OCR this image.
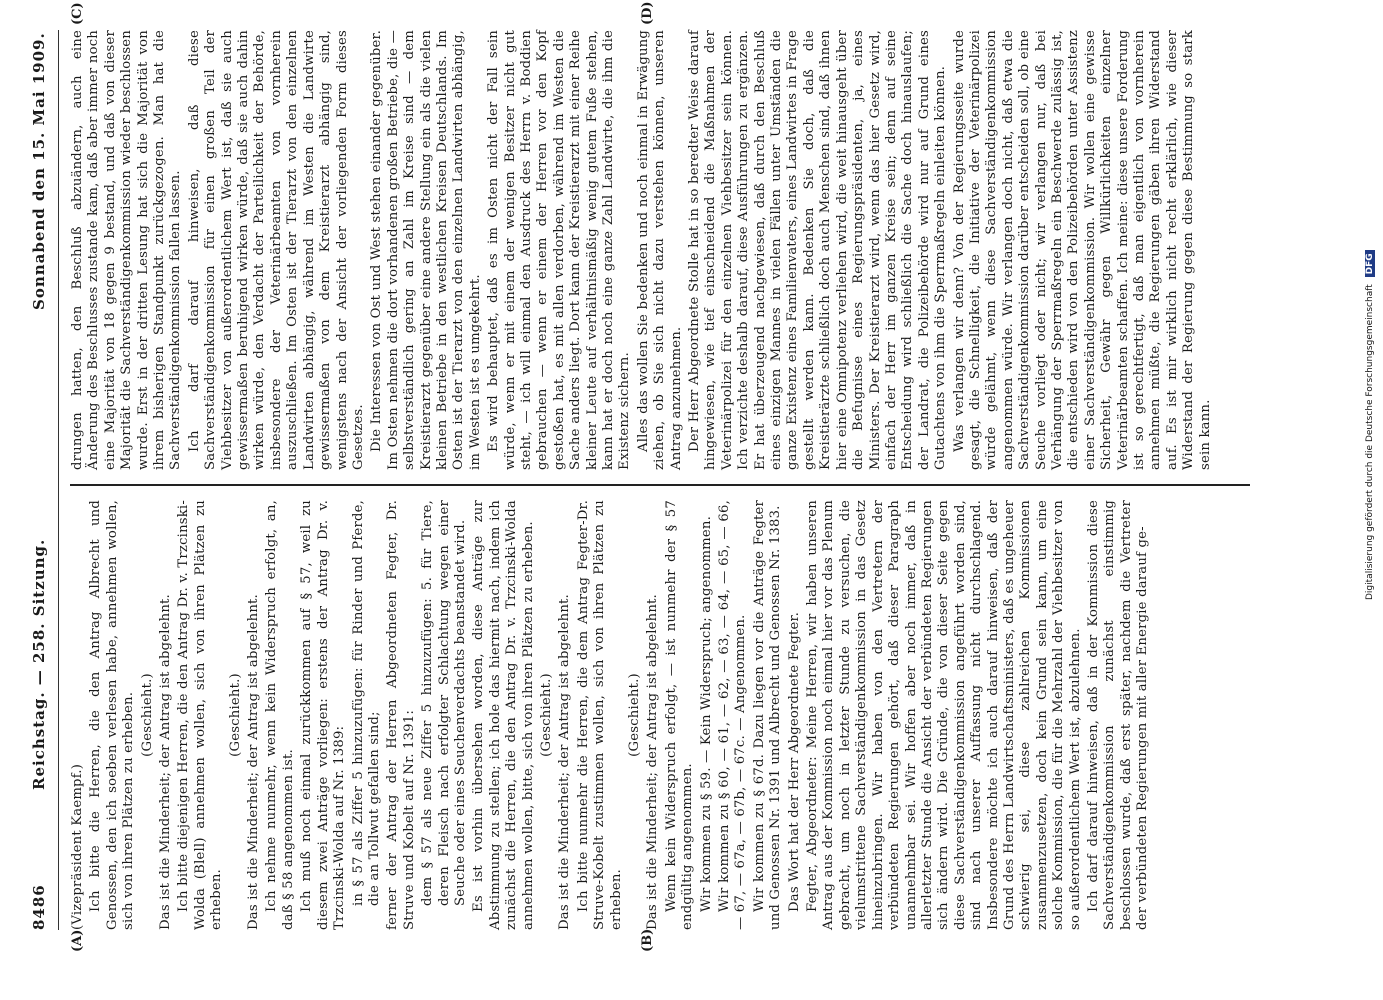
8486
Reichstag. — 258. Sitzung.
Sonnabend den 15. Mai 1909.
(A)	(B)
(C)	(D)

(Vizepräsident Kaempf.) Ich bitte die Herren, die den Antrag Albrecht und Genossen, den ich soeben verlesen habe, annehmen wollen, sich von ihren Plätzen zu erheben. (Geschieht.) Das ist die Minderheit; der Antrag ist abgelehnt. Ich bitte diejenigen Herren, die den Antrag Dr. v. Trzcinski-Wolda (Blell) annehmen wollen, sich von ihren Plätzen zu erheben.

(Geschieht.) Das ist die Minderheit; der Antrag ist abgelehnt. Ich nehme nunmehr, wenn kein Widerspruch erfolgt, an, daß § 58 angenommen ist. Ich muß noch einmal zurückkommen auf § 57, weil zu diesem zwei Anträge vorliegen: erstens der Antrag Dr. v. Trzcinski-Wolda auf Nr. 1389: in § 57 als Ziffer 5 hinzuzufügen: für Rinder und Pferde, die an Tollwut gefallen sind; ferner der Antrag der Herren Abgeordneten Fegter, Dr. Struve und Kobelt auf Nr. 1391: dem § 57 als neue Ziffer 5 hinzuzufügen: 5. für Tiere, deren Fleisch nach erfolgter Schlachtung wegen einer Seuche oder eines Seuchenverdachts beanstandet wird. Es ist vorhin übersehen worden, diese Anträge zur Abstimmung zu stellen; ich hole das hiermit nach, indem ich zunächst die Herren, die den Antrag Dr. v. Trzcinski-Wolda annehmen wollen, bitte, sich von ihren Plätzen zu erheben. (Geschieht.) Das ist die Minderheit; der Antrag ist abgelehnt. Ich bitte nunmehr die Herren, die dem Antrag Fegter-Dr. Struve-Kobelt zustimmen wollen, sich von ihren Plätzen zu erheben.

(Geschieht.) Das ist die Minderheit; der Antrag ist abgelehnt. Wenn kein Widerspruch erfolgt, — ist nunmehr der § 57 endgültig angenommen. Wir kommen zu § 59. — Kein Widerspruch; angenommen. Wir kommen zu § 60, — 61, — 62, — 63, — 64, — 65, — 66, — 67, — 67a, — 67b, — 67c. — Angenommen. Wir kommen zu § 67d. Dazu liegen vor die Anträge Fegter und Genossen Nr. 1391 und Albrecht und Genossen Nr. 1383. Das Wort hat der Herr Abgeordnete Fegter. Fegter, Abgeordneter: Meine Herren, wir haben unseren Antrag aus der Kommission noch einmal hier vor das Plenum gebracht, um noch in letzter Stunde zu versuchen, die vielumstrittene Sachverständigenkommission in das Gesetz hineinzubringen. Wir haben von den Vertretern der verbündeten Regierungen gehört, daß dieser Paragraph unannehmbar sei. Wir hoffen aber noch immer, daß in allerletzter Stunde die Ansicht der verbündeten Regierungen sich ändern wird. Die Gründe, die von dieser Seite gegen diese Sachverständigenkommission angeführt worden sind, sind nach unserer Auffassung nicht durchschlagend. Insbesondere möchte ich auch darauf hinweisen, daß der Grund des Herrn Landwirtschaftsministers, daß es ungeheuer schwierig sei, diese zahlreichen Kommissionen zusammenzusetzen, doch kein Grund sein kann, um eine solche Kommission, die für die Mehrzahl der Viehbesitzer von so außerordentlichem Wert ist, abzulehnen. Ich darf darauf hinweisen, daß in der Kommission diese Sachverständigenkommission zunächst einstimmig beschlossen wurde, daß erst später, nachdem die Vertreter der verbündeten Regierungen mit aller Energie darauf ge-

drungen hatten, den Beschluß abzuändern, auch eine Änderung des Beschlusses zustande kam, daß aber immer noch eine Majorität von 18 gegen 9 bestand, und daß von dieser Majorität die Sachverständigenkommission wieder beschlossen wurde. Erst in der dritten Lesung hat sich die Majorität von ihrem bisherigen Standpunkt zurückgezogen. Man hat die Sachverständigenkommission fallen lassen. Ich darf darauf hinweisen, daß diese Sachverständigenkommission für einen großen Teil der Viehbesitzer von außerordentlichem Wert ist, daß sie auch gewissermaßen beruhigend wirken würde, daß sie auch dahin wirken würde, den Verdacht der Parteilichkeit der Behörde, insbesondere der Veterinärbeamten von vornherein auszuschließen. Im Osten ist der Tierarzt von den einzelnen Landwirten abhängig, während im Westen die Landwirte gewissermaßen von dem Kreistierarzt abhängig sind, wenigstens nach der Ansicht der vorliegenden Form dieses Gesetzes. Die Interessen von Ost und West stehen einander gegenüber. Im Osten nehmen die dort vorhandenen großen Betriebe, die — selbstverständlich gering an Zahl im Kreise sind — dem Kreistierarzt gegenüber eine andere Stellung ein als die vielen kleinen Betriebe in den westlichen Kreisen Deutschlands. Im Osten ist der Tierarzt von den einzelnen Landwirten abhängig, im Westen ist es umgekehrt. Es wird behauptet, daß es im Osten nicht der Fall sein würde, wenn er mit einem der wenigen Besitzer nicht gut steht, — ich will einmal den Ausdruck des Herrn v. Boddien gebrauchen — wenn er einem der Herren vor den Kopf gestoßen hat, es mit allen verdorben, während im Westen die Sache anders liegt. Dort kann der Kreistierarzt mit einer Reihe kleiner Leute auf verhältnismäßig wenig gutem Fuße stehen, kann hat er doch noch eine ganze Zahl Landwirte, die ihm die Existenz sichern. Alles das wollen Sie bedenken und noch einmal in Erwägung ziehen, ob Sie sich nicht dazu verstehen können, unseren Antrag anzunehmen. Der Herr Abgeordnete Stolle hat in so beredter Weise darauf hingewiesen, wie tief einschneidend die Maßnahmen der Veterinärpolizei für den einzelnen Viehbesitzer sein können. Ich verzichte deshalb darauf, diese Ausführungen zu ergänzen. Er hat überzeugend nachgewiesen, daß durch den Beschluß eines einzigen Mannes in vielen Fällen unter Umständen die ganze Existenz eines Familienvaters, eines Landwirtes in Frage gestellt werden kann. Bedenken Sie doch, daß die Kreistierärzte schließlich doch auch Menschen sind, daß ihnen hier eine Omnipotenz verliehen wird, die weit hinausgeht über die Befugnisse eines Regierungspräsidenten, ja, eines Ministers. Der Kreistierarzt wird, wenn das hier Gesetz wird, einfach der Herr im ganzen Kreise sein; denn auf seine Entscheidung wird schließlich die Sache doch hinauslaufen; der Landrat, die Polizeibehörde wird nur auf Grund eines Gutachtens von ihm die Sperrmaßregeln einleiten können. Was verlangen wir denn? Von der Regierungsseite wurde gesagt, die Schnelligkeit, die Initiative der Veterinärpolizei würde gelähmt, wenn diese Sachverständigenkommission angenommen würde. Wir verlangen doch nicht, daß etwa die Sachverständigenkommission darüber entscheiden soll, ob eine Seuche vorliegt oder nicht; wir verlangen nur, daß bei Verhängung der Sperrmaßregeln ein Beschwerde zulässig ist, die entschieden wird von den Polizeibehörden unter Assistenz einer Sachverständigenkommission. Wir wollen eine gewisse Sicherheit, Gewähr gegen Willkürlichkeiten einzelner Veterinärbeamten schaffen. Ich meine: diese unsere Forderung ist so gerechtfertigt, daß man eigentlich von vornherein annehmen müßte, die Regierungen gäben ihren Widerstand auf. Es ist mir wirklich nicht recht erklärlich, wie dieser Widerstand der Regierung gegen diese Bestimmung so stark sein kann.	Digitalisierung gefördert durch die Deutsche Forschungsgemeinschaft DFG
